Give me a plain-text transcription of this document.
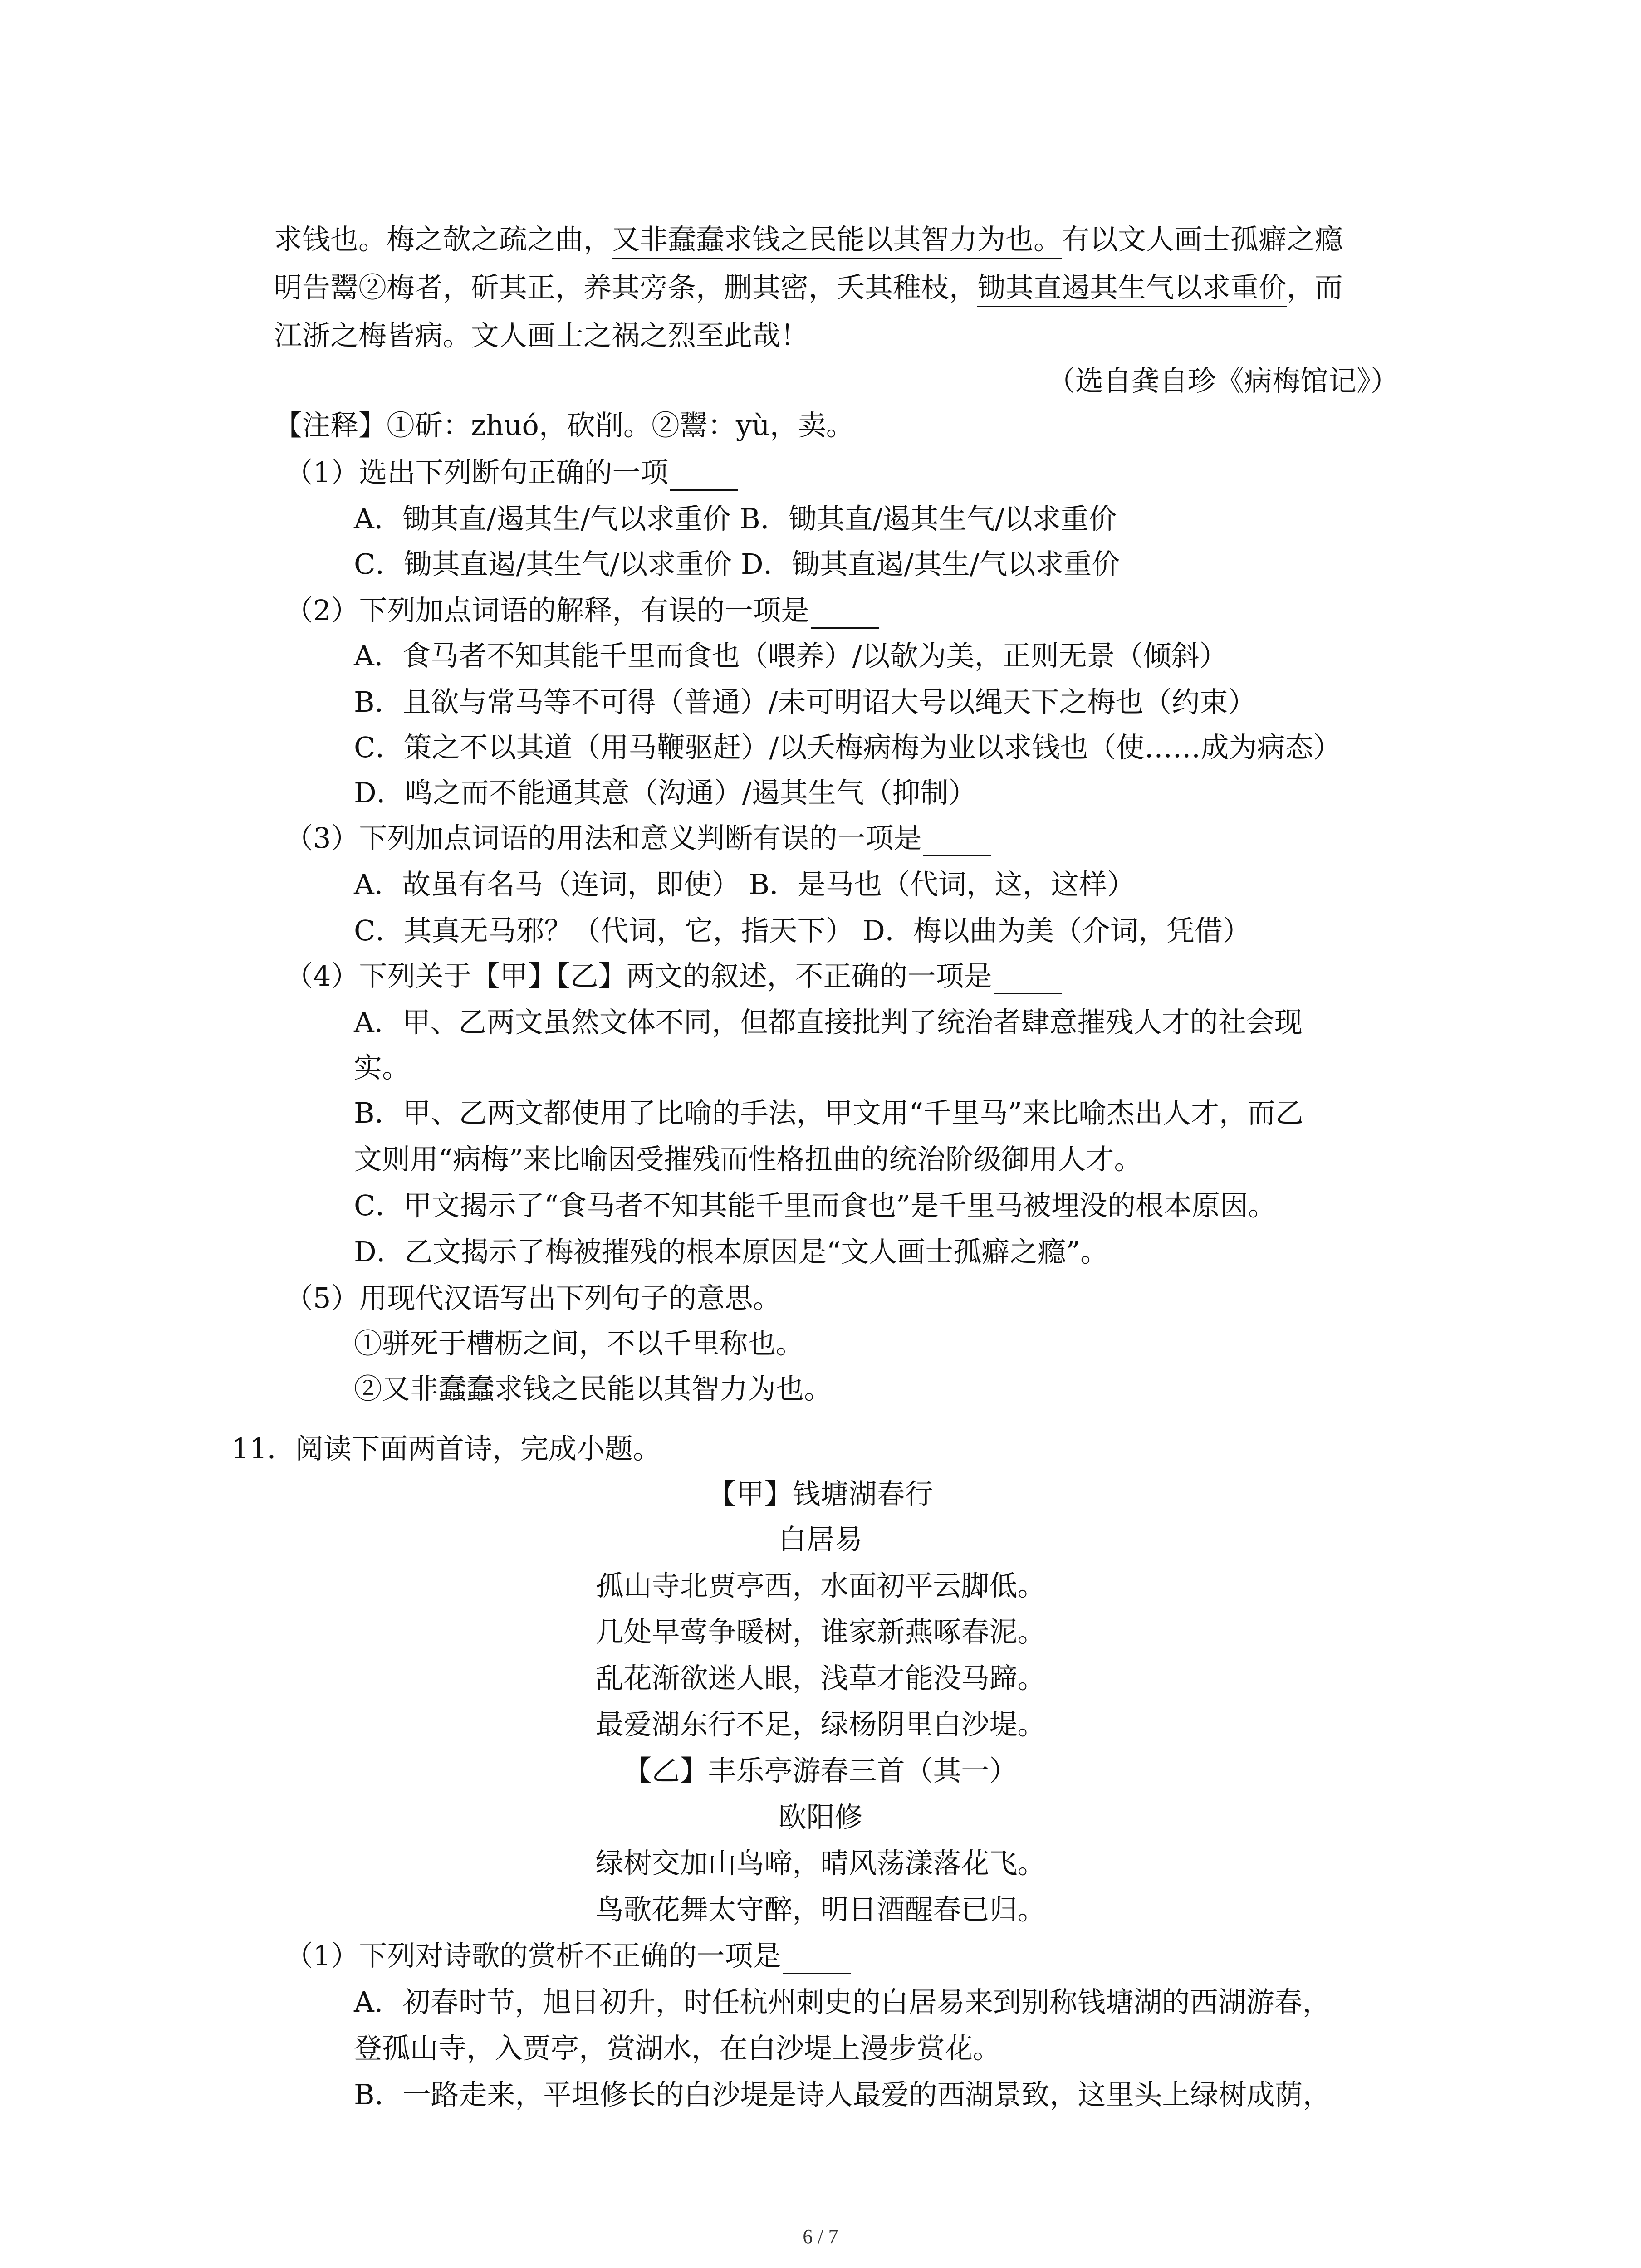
求钱也。梅之欹之疏之曲，又非蠢蠢求钱之民能以其智力为也。有以文人画士孤癖之瘾
明告鬻②梅者，斫其正，养其旁条，删其密，夭其稚枝，锄其直遏其生气以求重价，而
江浙之梅皆病。文人画士之祸之烈至此哉！
（选自龚自珍《病梅馆记》）
【注释】①斫：zhuó，砍削。②鬻：yù，卖。
（1）选出下列断句正确的一项
A．锄其直/遏其生/气以求重价 B．锄其直/遏其生气/以求重价
C．锄其直遏/其生气/以求重价 D．锄其直遏/其生/气以求重价
（2）下列加点词语的解释，有误的一项是
A．食马者不知其能千里而食也（喂养）/以欹为美，正则无景（倾斜）
B．且欲与常马等不可得（普通）/未可明诏大号以绳天下之梅也（约束）
C．策之不以其道（用马鞭驱赶）/以夭梅病梅为业以求钱也（使……成为病态）
D．鸣之而不能通其意（沟通）/遏其生气（抑制）
（3）下列加点词语的用法和意义判断有误的一项是
A．故虽有名马（连词，即使） B．是马也（代词，这，这样）
C．其真无马邪？（代词，它，指天下） D．梅以曲为美（介词，凭借）
（4）下列关于【甲】【乙】两文的叙述，不正确的一项是
A．甲、乙两文虽然文体不同，但都直接批判了统治者肆意摧残人才的社会现
实。
B．甲、乙两文都使用了比喻的手法，甲文用“千里马”来比喻杰出人才，而乙
文则用“病梅”来比喻因受摧残而性格扭曲的统治阶级御用人才。
C．甲文揭示了“食马者不知其能千里而食也”是千里马被埋没的根本原因。
D．乙文揭示了梅被摧残的根本原因是“文人画士孤癖之瘾”。
（5）用现代汉语写出下列句子的意思。
①骈死于槽枥之间，不以千里称也。
②又非蠢蠢求钱之民能以其智力为也。
11．阅读下面两首诗，完成小题。
【甲】钱塘湖春行
白居易
孤山寺北贾亭西，水面初平云脚低。
几处早莺争暖树，谁家新燕啄春泥。
乱花渐欲迷人眼，浅草才能没马蹄。
最爱湖东行不足，绿杨阴里白沙堤。
【乙】丰乐亭游春三首（其一）
欧阳修
绿树交加山鸟啼，晴风荡漾落花飞。
鸟歌花舞太守醉，明日酒醒春已归。
（1）下列对诗歌的赏析不正确的一项是
A．初春时节，旭日初升，时任杭州刺史的白居易来到别称钱塘湖的西湖游春，
登孤山寺，入贾亭，赏湖水，在白沙堤上漫步赏花。
B．一路走来，平坦修长的白沙堤是诗人最爱的西湖景致，这里头上绿树成荫，
6 / 7
